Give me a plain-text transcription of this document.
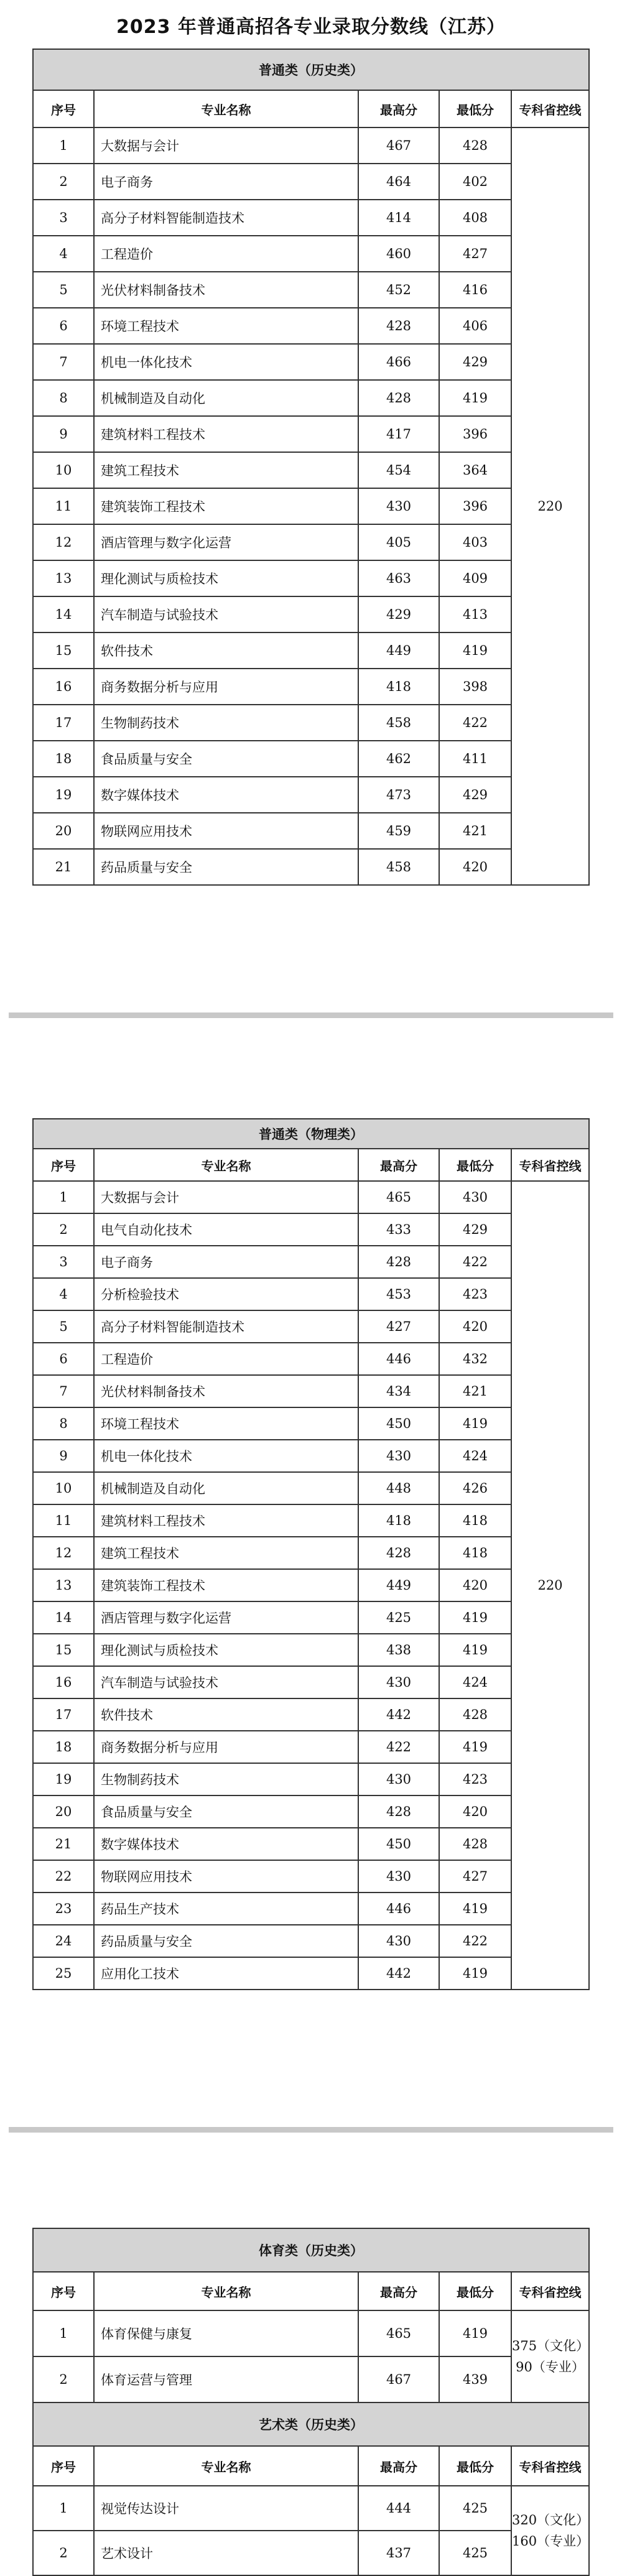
2023 年普通高招各专业录取分数线（江苏）
普通类（历史类）				
序号	专业名称	最高分	最低分	专科省控线
1	大数据与会计	467	428	220

2	电子商务	464	402	
3	高分子材料智能制造技术	414	408	
4	工程造价	460	427	
5	光伏材料制备技术	452	416	
6	环境工程技术	428	406	
7	机电一体化技术	466	429	
8	机械制造及自动化	428	419	
9	建筑材料工程技术	417	396	
10	建筑工程技术	454	364	
11	建筑装饰工程技术	430	396	
12	酒店管理与数字化运营	405	403	
13	理化测试与质检技术	463	409	
14	汽车制造与试验技术	429	413	
15	软件技术	449	419	
16	商务数据分析与应用	418	398	
17	生物制药技术	458	422	
18	食品质量与安全	462	411	
19	数字媒体技术	473	429	
20	物联网应用技术	459	421	
21	药品质量与安全	458	420	
普通类（物理类）				
序号	专业名称	最高分	最低分	专科省控线
1	大数据与会计	465	430	220

2	电气自动化技术	433	429	
3	电子商务	428	422	
4	分析检验技术	453	423	
5	高分子材料智能制造技术	427	420	
6	工程造价	446	432	
7	光伏材料制备技术	434	421	
8	环境工程技术	450	419	
9	机电一体化技术	430	424	
10	机械制造及自动化	448	426	
11	建筑材料工程技术	418	418	
12	建筑工程技术	428	418	
13	建筑装饰工程技术	449	420	
14	酒店管理与数字化运营	425	419	
15	理化测试与质检技术	438	419	
16	汽车制造与试验技术	430	424	
17	软件技术	442	428	
18	商务数据分析与应用	422	419	
19	生物制药技术	430	423	
20	食品质量与安全	428	420	
21	数字媒体技术	450	428	
22	物联网应用技术	430	427	
23	药品生产技术	446	419	
24	药品质量与安全	430	422	
25	应用化工技术	442	419	
体育类（历史类）				
序号	专业名称	最高分	最低分	专科省控线
1	体育保健与康复	465	419	375（文化）
90（专业）

2	体育运营与管理	467	439	
艺术类（历史类）				
序号	专业名称	最高分	最低分	专科省控线
1	视觉传达设计	444	425	320（文化）
160（专业）

2	艺术设计	437	425	
